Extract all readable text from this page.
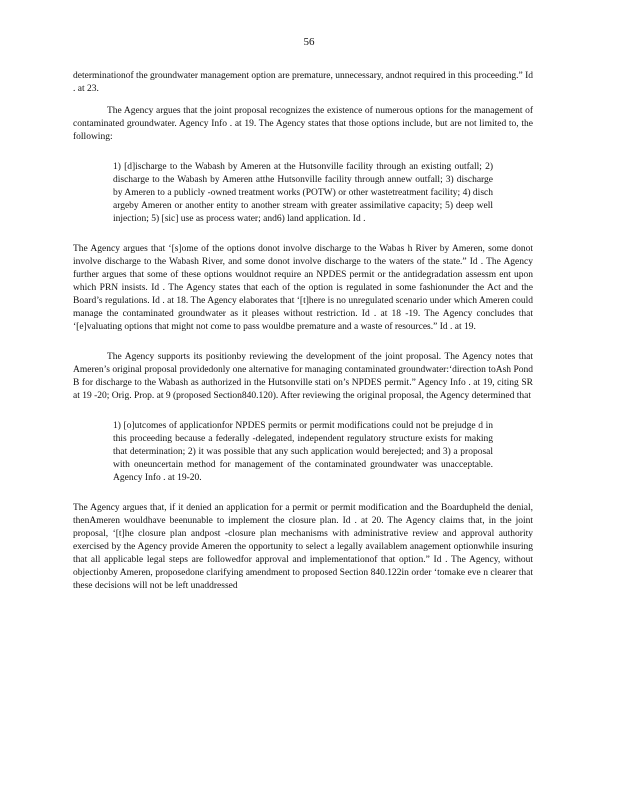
56

determinationof the groundwater management option are premature, unnecessary, andnot required in this proceeding.” Id . at 23.

The Agency argues that the joint proposal recognizes the existence of numerous options for the management of contaminated groundwater. Agency Info . at 19. The Agency states that those options include, but are not limited to, the following:

1) [d]ischarge to the Wabash by Ameren at the Hutsonville facility through an existing outfall; 2) discharge to the Wabash by Ameren atthe Hutsonville facility through annew outfall; 3) discharge by Ameren to a publicly -owned treatment works (POTW) or other wastetreatment facility; 4) disch argeby Ameren or another entity to another stream with greater assimilative capacity; 5) deep well injection; 5) [sic] use as process water; and6) land application. Id .

The Agency argues that ‘[s]ome of the options donot involve discharge to the Wabas h River by Ameren, some donot involve discharge to the Wabash River, and some donot involve discharge to the waters of the state.” Id . The Agency further argues that some of these options wouldnot require an NPDES permit or the antidegradation assessm ent upon which PRN insists. Id . The Agency states that each of the option is regulated in some fashionunder the Act and the Board’s regulations. Id . at 18. The Agency elaborates that ‘[t]here is no unregulated scenario under which Ameren could manage the contaminated groundwater as it pleases without restriction. Id . at 18 -19. The Agency concludes that ‘[e]valuating options that might not come to pass wouldbe premature and a waste of resources.” Id . at 19.

The Agency supports its positionby reviewing the development of the joint proposal. The Agency notes that Ameren’s original proposal providedonly one alternative for managing contaminated groundwater:‘direction toAsh Pond B for discharge to the Wabash as authorized in the Hutsonville stati on’s NPDES permit.” Agency Info . at 19, citing SR at 19 -20; Orig. Prop. at 9 (proposed Section840.120). After reviewing the original proposal, the Agency determined that

1) [o]utcomes of applicationfor NPDES permits or permit modifications could not be prejudge d in this proceeding because a federally -delegated, independent regulatory structure exists for making that determination; 2) it was possible that any such application would berejected; and 3) a proposal with oneuncertain method for management of the contaminated groundwater was unacceptable. Agency Info . at 19-20.

The Agency argues that, if it denied an application for a permit or permit modification and the Boardupheld the denial, thenAmeren wouldhave beenunable to implement the closure plan. Id . at 20. The Agency claims that, in the joint proposal, ‘[t]he closure plan andpost -closure plan mechanisms with administrative review and approval authority exercised by the Agency provide Ameren the opportunity to select a legally availablem anagement optionwhile insuring that all applicable legal steps are followedfor approval and implementationof that option.” Id . The Agency, without objectionby Ameren, proposedone clarifying amendment to proposed Section 840.122in order ‘tomake eve n clearer that these decisions will not be left unaddressed
